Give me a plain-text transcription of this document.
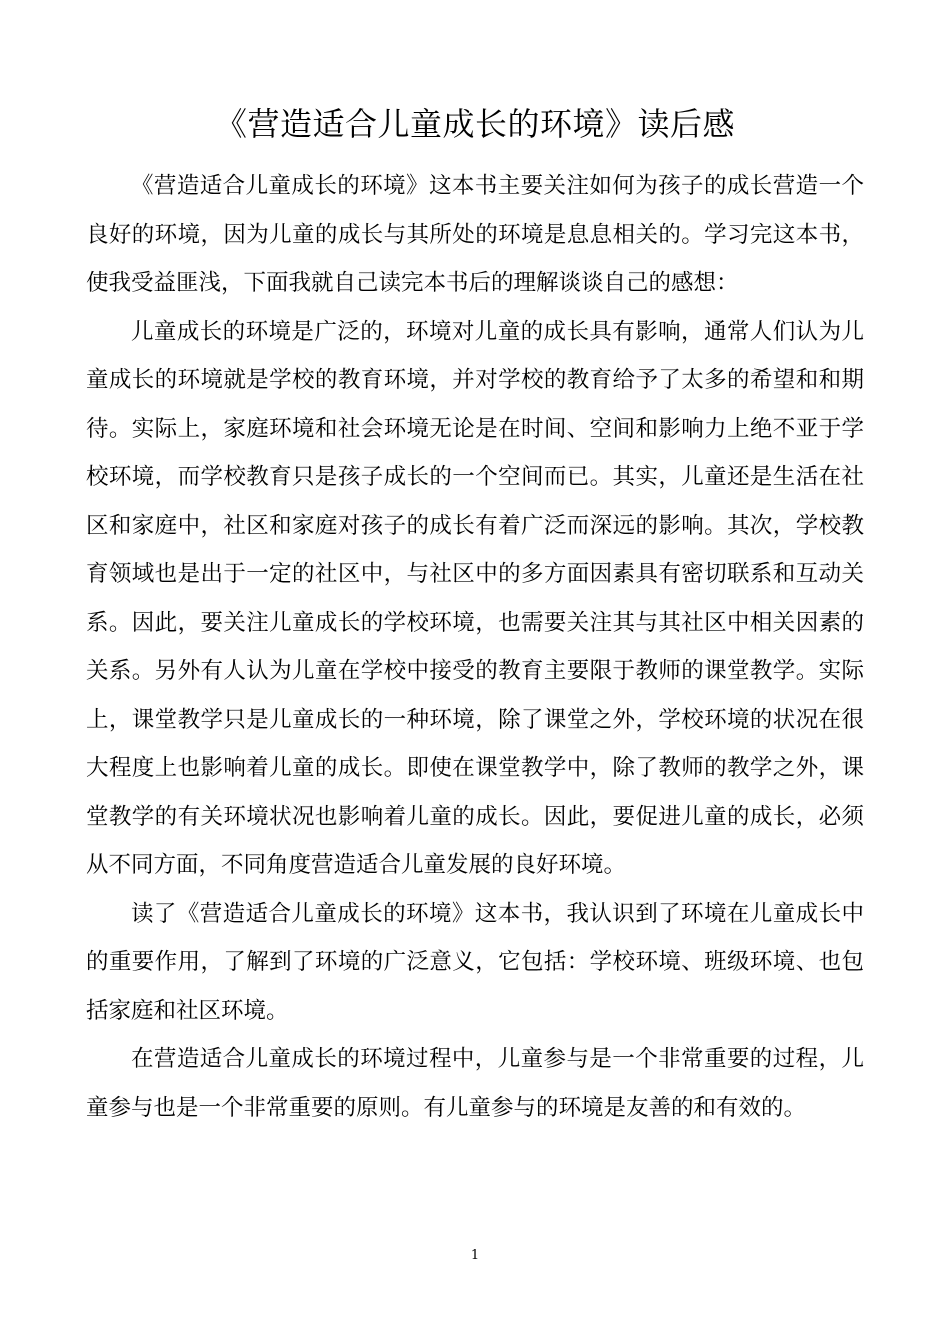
《营造适合儿童成长的环境》读后感

《营造适合儿童成长的环境》这本书主要关注如何为孩子的成长营造一个良好的环境，因为儿童的成长与其所处的环境是息息相关的。学习完这本书，使我受益匪浅，下面我就自己读完本书后的理解谈谈自己的感想：

儿童成长的环境是广泛的，环境对儿童的成长具有影响，通常人们认为儿童成长的环境就是学校的教育环境，并对学校的教育给予了太多的希望和和期待。实际上，家庭环境和社会环境无论是在时间、空间和影响力上绝不亚于学校环境，而学校教育只是孩子成长的一个空间而已。其实，儿童还是生活在社区和家庭中，社区和家庭对孩子的成长有着广泛而深远的影响。其次，学校教育领域也是出于一定的社区中，与社区中的多方面因素具有密切联系和互动关系。因此，要关注儿童成长的学校环境，也需要关注其与其社区中相关因素的关系。另外有人认为儿童在学校中接受的教育主要限于教师的课堂教学。实际上，课堂教学只是儿童成长的一种环境，除了课堂之外，学校环境的状况在很大程度上也影响着儿童的成长。即使在课堂教学中，除了教师的教学之外，课堂教学的有关环境状况也影响着儿童的成长。因此，要促进儿童的成长，必须从不同方面，不同角度营造适合儿童发展的良好环境。

读了《营造适合儿童成长的环境》这本书，我认识到了环境在儿童成长中的重要作用，了解到了环境的广泛意义，它包括：学校环境、班级环境、也包括家庭和社区环境。

在营造适合儿童成长的环境过程中，儿童参与是一个非常重要的过程，儿童参与也是一个非常重要的原则。有儿童参与的环境是友善的和有效的。

1
